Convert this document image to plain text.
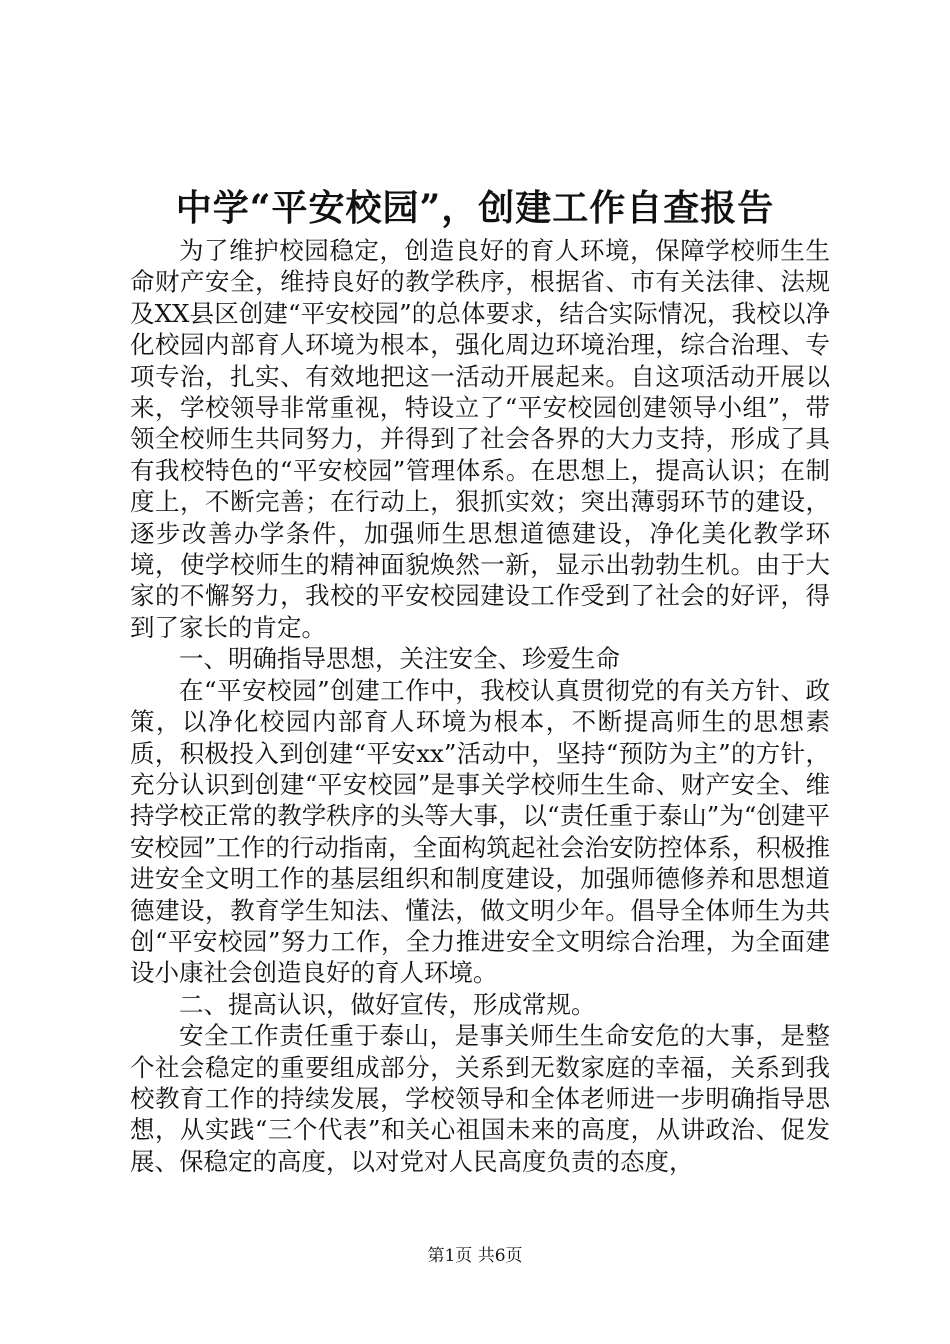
中学“平安校园”，创建工作自查报告

为了维护校园稳定，创造良好的育人环境，保障学校师生生命财产安全，维持良好的教学秩序，根据省、市有关法律、法规及XX县区创建“平安校园”的总体要求，结合实际情况，我校以净化校园内部育人环境为根本，强化周边环境治理，综合治理、专项专治，扎实、有效地把这一活动开展起来。自这项活动开展以来，学校领导非常重视，特设立了“平安校园创建领导小组”，带领全校师生共同努力，并得到了社会各界的大力支持，形成了具有我校特色的“平安校园”管理体系。在思想上，提高认识；在制度上，不断完善；在行动上，狠抓实效；突出薄弱环节的建设，逐步改善办学条件，加强师生思想道德建设，净化美化教学环境，使学校师生的精神面貌焕然一新，显示出勃勃生机。由于大家的不懈努力，我校的平安校园建设工作受到了社会的好评，得到了家长的肯定。

一、明确指导思想，关注安全、珍爱生命

在“平安校园”创建工作中，我校认真贯彻党的有关方针、政策，以净化校园内部育人环境为根本，不断提高师生的思想素质，积极投入到创建“平安xx”活动中，坚持“预防为主”的方针，充分认识到创建“平安校园”是事关学校师生生命、财产安全、维持学校正常的教学秩序的头等大事，以“责任重于泰山”为“创建平安校园”工作的行动指南，全面构筑起社会治安防控体系，积极推进安全文明工作的基层组织和制度建设，加强师德修养和思想道德建设，教育学生知法、懂法，做文明少年。倡导全体师生为共创“平安校园”努力工作，全力推进安全文明综合治理，为全面建设小康社会创造良好的育人环境。

二、提高认识，做好宣传，形成常规。

安全工作责任重于泰山，是事关师生生命安危的大事，是整个社会稳定的重要组成部分，关系到无数家庭的幸福，关系到我校教育工作的持续发展，学校领导和全体老师进一步明确指导思想，从实践“三个代表”和关心祖国未来的高度，从讲政治、促发展、保稳定的高度，以对党对人民高度负责的态度，

第1页 共6页
